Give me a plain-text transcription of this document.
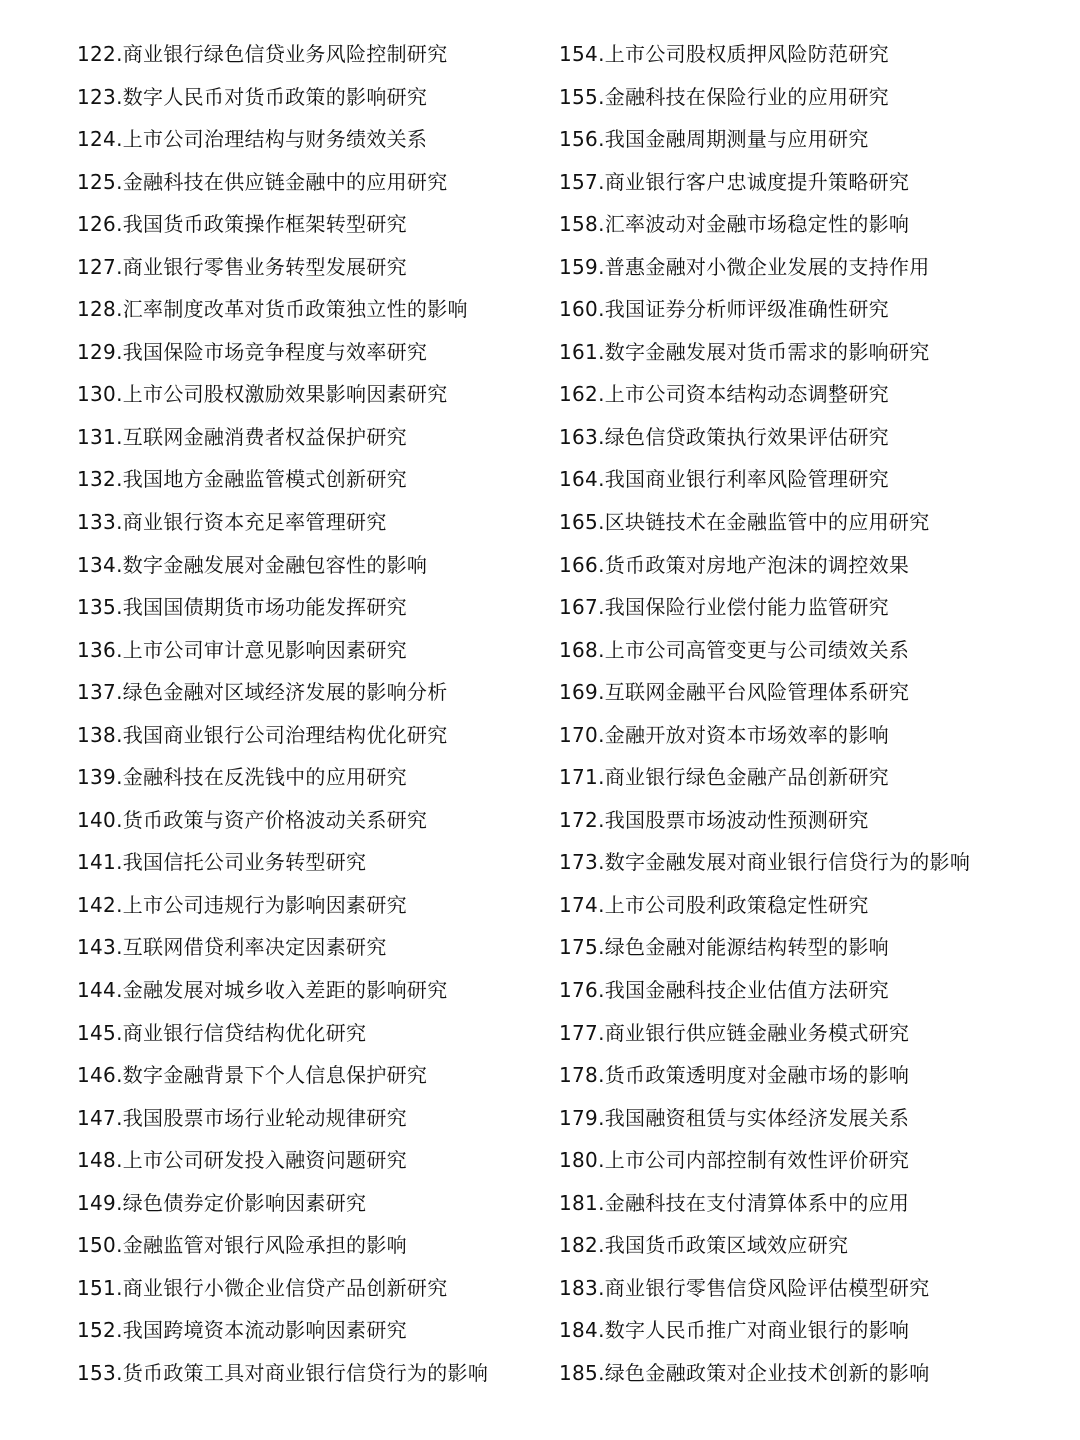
122.商业银行绿色信贷业务风险控制研究
123.数字人民币对货币政策的影响研究
124.上市公司治理结构与财务绩效关系
125.金融科技在供应链金融中的应用研究
126.我国货币政策操作框架转型研究
127.商业银行零售业务转型发展研究
128.汇率制度改革对货币政策独立性的影响
129.我国保险市场竞争程度与效率研究
130.上市公司股权激励效果影响因素研究
131.互联网金融消费者权益保护研究
132.我国地方金融监管模式创新研究
133.商业银行资本充足率管理研究
134.数字金融发展对金融包容性的影响
135.我国国债期货市场功能发挥研究
136.上市公司审计意见影响因素研究
137.绿色金融对区域经济发展的影响分析
138.我国商业银行公司治理结构优化研究
139.金融科技在反洗钱中的应用研究
140.货币政策与资产价格波动关系研究
141.我国信托公司业务转型研究
142.上市公司违规行为影响因素研究
143.互联网借贷利率决定因素研究
144.金融发展对城乡收入差距的影响研究
145.商业银行信贷结构优化研究
146.数字金融背景下个人信息保护研究
147.我国股票市场行业轮动规律研究
148.上市公司研发投入融资问题研究
149.绿色债券定价影响因素研究
150.金融监管对银行风险承担的影响
151.商业银行小微企业信贷产品创新研究
152.我国跨境资本流动影响因素研究
153.货币政策工具对商业银行信贷行为的影响
154.上市公司股权质押风险防范研究
155.金融科技在保险行业的应用研究
156.我国金融周期测量与应用研究
157.商业银行客户忠诚度提升策略研究
158.汇率波动对金融市场稳定性的影响
159.普惠金融对小微企业发展的支持作用
160.我国证券分析师评级准确性研究
161.数字金融发展对货币需求的影响研究
162.上市公司资本结构动态调整研究
163.绿色信贷政策执行效果评估研究
164.我国商业银行利率风险管理研究
165.区块链技术在金融监管中的应用研究
166.货币政策对房地产泡沫的调控效果
167.我国保险行业偿付能力监管研究
168.上市公司高管变更与公司绩效关系
169.互联网金融平台风险管理体系研究
170.金融开放对资本市场效率的影响
171.商业银行绿色金融产品创新研究
172.我国股票市场波动性预测研究
173.数字金融发展对商业银行信贷行为的影响
174.上市公司股利政策稳定性研究
175.绿色金融对能源结构转型的影响
176.我国金融科技企业估值方法研究
177.商业银行供应链金融业务模式研究
178.货币政策透明度对金融市场的影响
179.我国融资租赁与实体经济发展关系
180.上市公司内部控制有效性评价研究
181.金融科技在支付清算体系中的应用
182.我国货币政策区域效应研究
183.商业银行零售信贷风险评估模型研究
184.数字人民币推广对商业银行的影响
185.绿色金融政策对企业技术创新的影响
